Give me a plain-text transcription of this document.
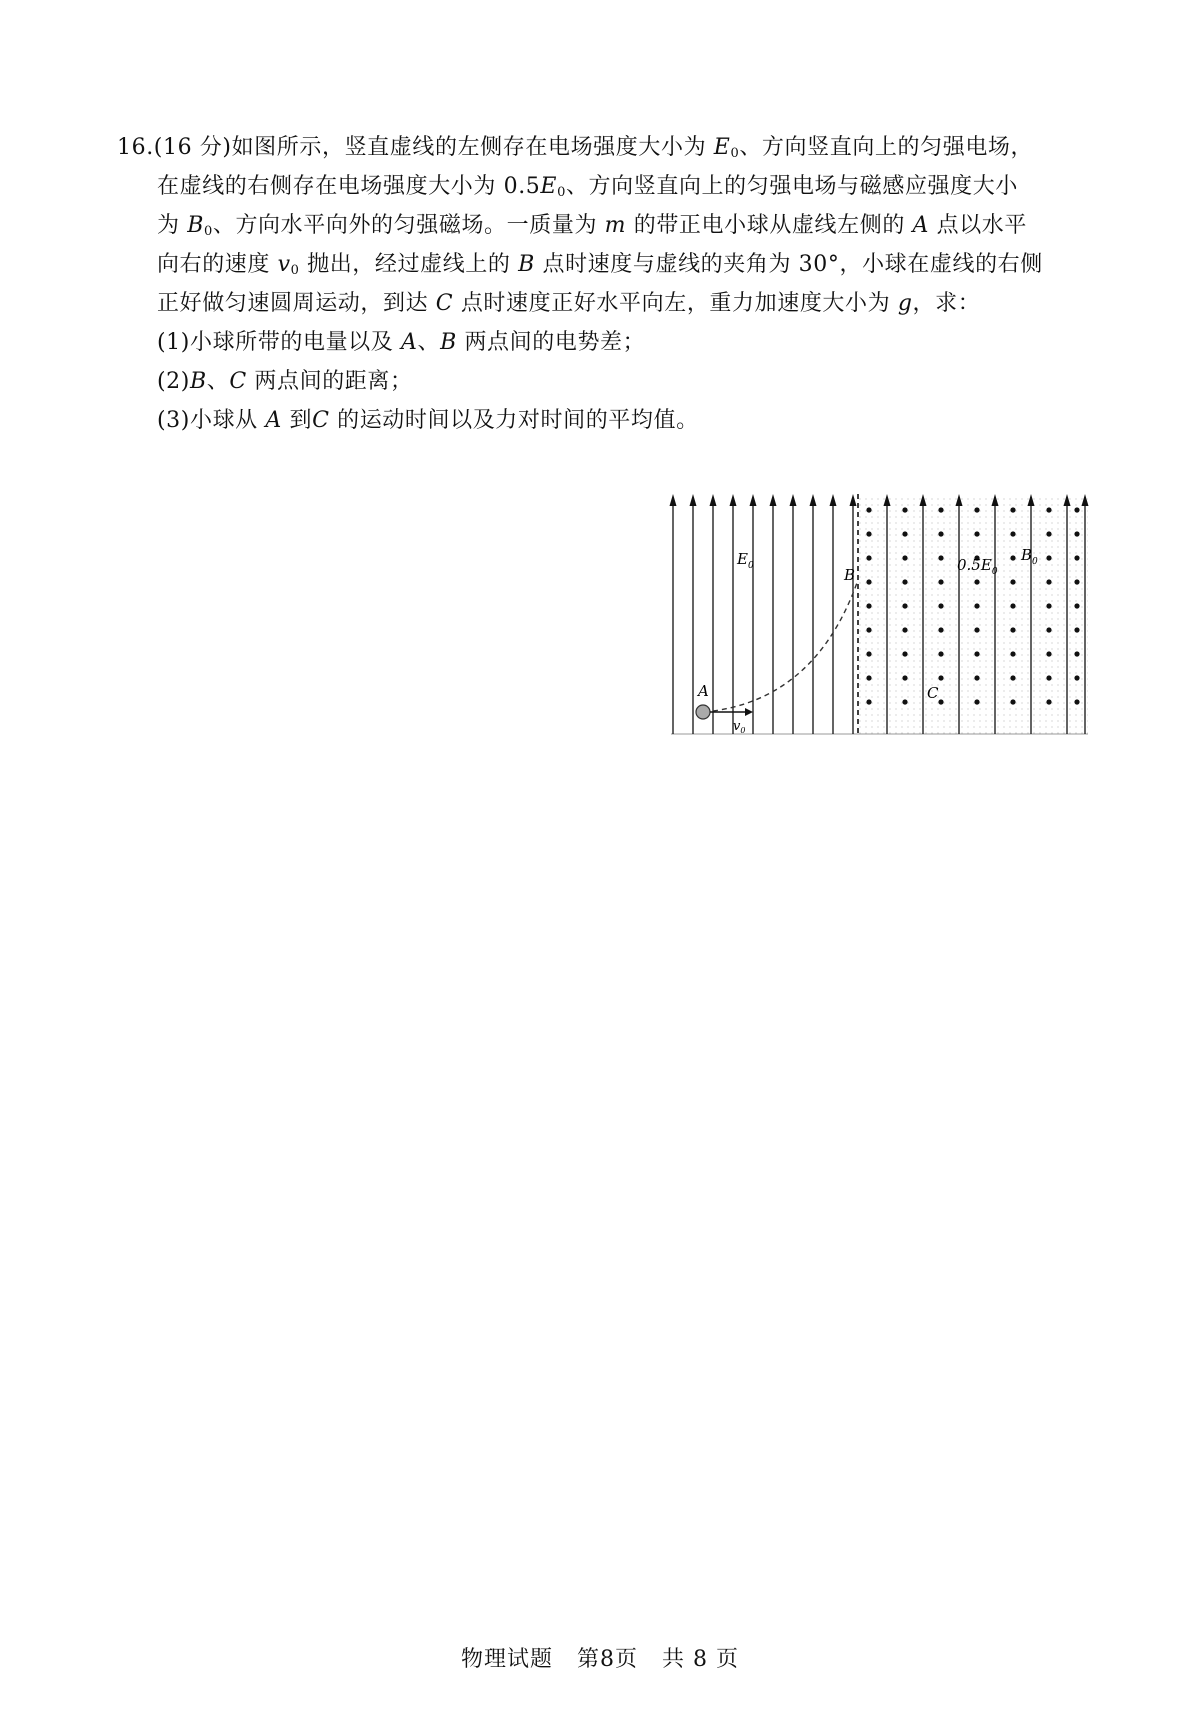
16.(16 分)如图所示，竖直虚线的左侧存在电场强度大小为 $E_0$、方向竖直向上的匀强电场，
在虚线的右侧存在电场强度大小为 $0.5E_0$、方向竖直向上的匀强电场与磁感应强度大小
为 $B_0$、方向水平向外的匀强磁场。一质量为 m 的带正电小球从虚线左侧的 A 点以水平
向右的速度 $v_0$ 抛出，经过虚线上的 B 点时速度与虚线的夹角为 30°，小球在虚线的右侧
正好做匀速圆周运动，到达 C 点时速度正好水平向左，重力加速度大小为 g，求：
(1)小球所带的电量以及 A、B 两点间的电势差；
(2)B、C 两点间的距离；
(3)小球从 A 到C 的运动时间以及力对时间的平均值。
$E_0$	$0.5E_0$
$B_0$
A
B
C
$v_0$
物理试题 第8页 共 8 页
